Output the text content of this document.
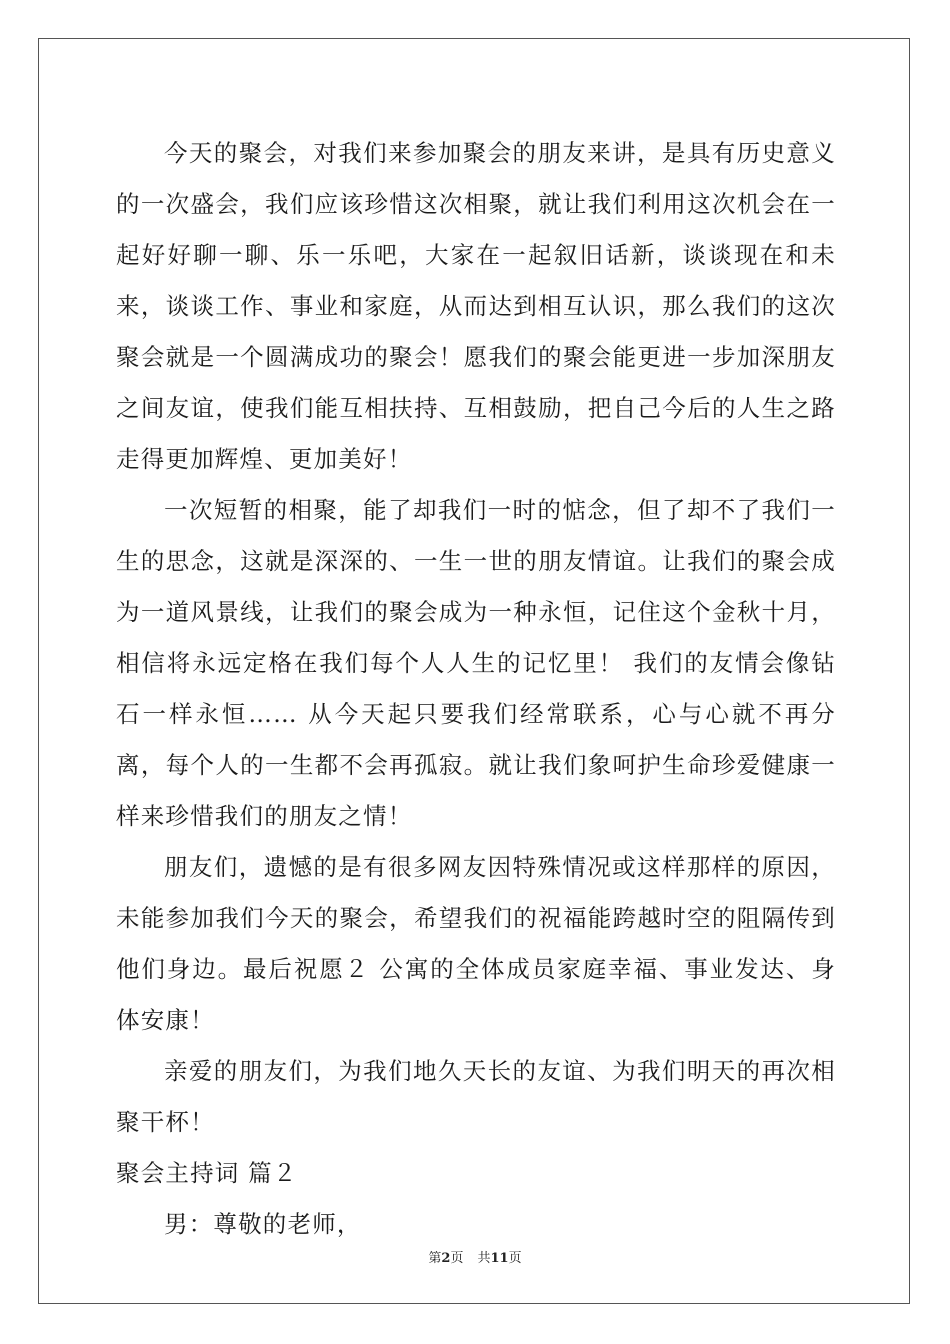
今天的聚会，对我们来参加聚会的朋友来讲，是具有历史意义的一次盛会，我们应该珍惜这次相聚，就让我们利用这次机会在一起好好聊一聊、乐一乐吧，大家在一起叙旧话新，谈谈现在和未来，谈谈工作、事业和家庭，从而达到相互认识，那么我们的这次聚会就是一个圆满成功的聚会！愿我们的聚会能更进一步加深朋友之间友谊，使我们能互相扶持、互相鼓励，把自己今后的人生之路走得更加辉煌、更加美好！

一次短暂的相聚，能了却我们一时的惦念，但了却不了我们一生的思念，这就是深深的、一生一世的朋友情谊。让我们的聚会成为一道风景线，让我们的聚会成为一种永恒，记住这个金秋十月，相信将永远定格在我们每个人人生的记忆里！ 我们的友情会像钻石一样永恒…… 从今天起只要我们经常联系，心与心就不再分离，每个人的一生都不会再孤寂。就让我们象呵护生命珍爱健康一样来珍惜我们的朋友之情！

朋友们，遗憾的是有很多网友因特殊情况或这样那样的原因，未能参加我们今天的聚会，希望我们的祝福能跨越时空的阻隔传到他们身边。最后祝愿２ 公寓的全体成员家庭幸福、事业发达、身体安康！

亲爱的朋友们，为我们地久天长的友谊、为我们明天的再次相聚干杯！

聚会主持词 篇２

男：尊敬的老师，

第2页 共11页
